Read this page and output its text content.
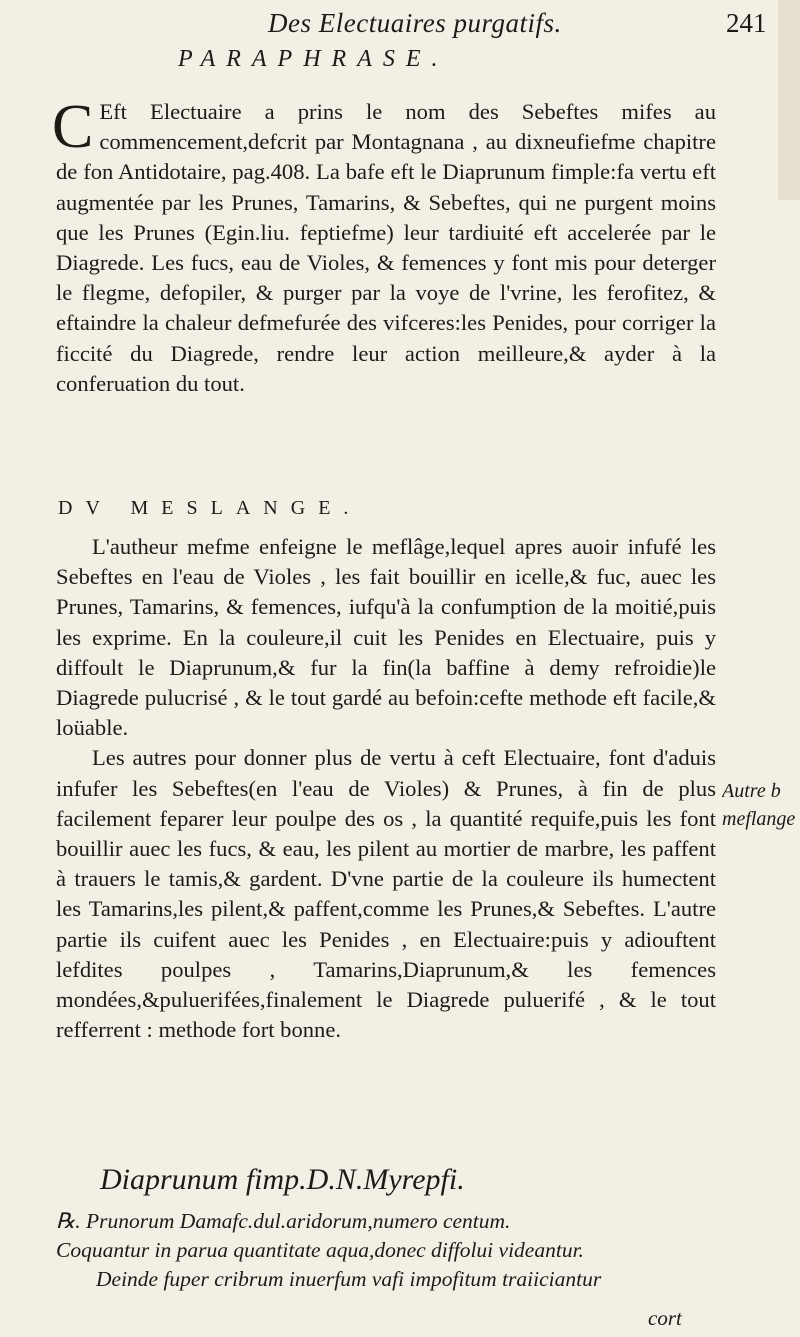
Des Electuaires purgatifs.	241
PARAPHRASE.

C Eft Electuaire a prins le nom des Sebeftes mifes au commencement,defcrit par Montagnana , au dixneufiefme chapitre de fon Antidotaire, pag.408. La bafe eft le Diaprunum fimple:fa vertu eft augmentée par les Prunes, Tamarins, & Sebeftes, qui ne purgent moins que les Prunes (Egin.liu. feptiefme) leur tardiuité eft accelerée par le Diagrede. Les fucs, eau de Violes, & femences y font mis pour deterger le flegme, defopiler, & purger par la voye de l'vrine, les ferofitez, & eftaindre la chaleur defmefurée des vifceres:les Penides, pour corriger la ficcité du Diagrede, rendre leur action meilleure,& ayder à la conferuation du tout.

DV MESLANGE.

L'autheur mefme enfeigne le meflâge,lequel apres auoir infufé les Sebeftes en l'eau de Violes , les fait bouillir en icelle,& fuc, auec les Prunes, Tamarins, & femences, iufqu'à la confumption de la moitié,puis les exprime. En la couleure,il cuit les Penides en Electuaire, puis y diffoult le Diaprunum,& fur la fin(la baffine à demy refroidie)le Diagrede pulucrisé , & le tout gardé au befoin:cefte methode eft facile,& loüable.

Les autres pour donner plus de vertu à ceft Electuaire, font d'aduis infufer les Sebeftes(en l'eau de Violes) & Prunes, à fin de plus facilement feparer leur poulpe des os , la quantité requife,puis les font bouillir auec les fucs, & eau, les pilent au mortier de marbre, les paffent à trauers le tamis,& gardent. D'vne partie de la couleure ils humectent les Tamarins,les pilent,& paffent,comme les Prunes,& Sebeftes. L'autre partie ils cuifent auec les Penides , en Electuaire:puis y adiouftent lefdites poulpes , Tamarins,Diaprunum,& les femences mondées,&puluerifées,finalement le Diagrede puluerifé , & le tout refferrent : methode fort bonne.

Autre b
meflange
Diaprunum fimp.D.N.Myrepfi.

℞. Prunorum Damafc.dul.aridorum,numero centum.

Coquantur in parua quantitate aqua,donec diffolui videantur.

Deinde fuper cribrum inuerfum vafi impofitum traiiciantur

cort
